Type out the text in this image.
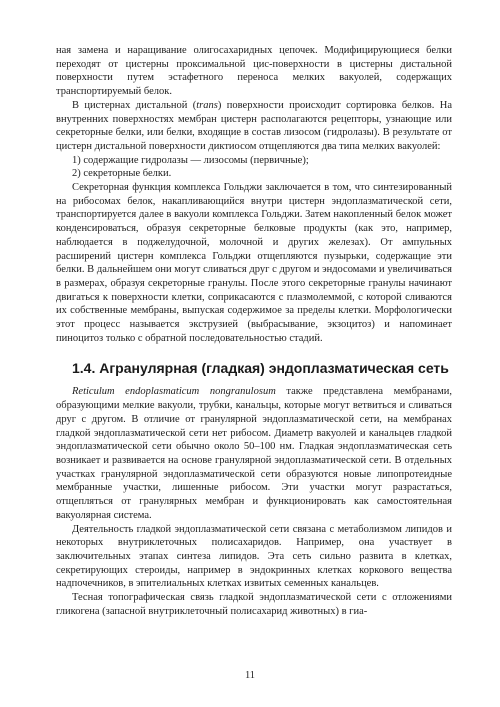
ная замена и наращивание олигосахаридных цепочек. Модифицирующиеся белки переходят от цистерны проксимальной цис-поверхности в цистерны дистальной поверхности путем эстафетного переноса мелких вакуолей, содержащих транспортируемый белок.

В цистернах дистальной (trans) поверхности происходит сортировка белков. На внутренних поверхностях мембран цистерн располагаются рецепторы, узнающие или секреторные белки, или белки, входящие в состав лизосом (гидролазы). В результате от цистерн дистальной поверхности диктиосом отщепляются два типа мелких вакуолей:

1) содержащие гидролазы — лизосомы (первичные);

2) секреторные белки.

Секреторная функция комплекса Гольджи заключается в том, что синтезированный на рибосомах белок, накапливающийся внутри цистерн эндоплазматической сети, транспортируется далее в вакуоли комплекса Гольджи. Затем накопленный белок может конденсироваться, образуя секреторные белковые продукты (как это, например, наблюдается в поджелудочной, молочной и других железах). От ампульных расширений цистерн комплекса Гольджи отщепляются пузырьки, содержащие эти белки. В дальнейшем они могут сливаться друг с другом и эндосомами и увеличиваться в размерах, образуя секреторные гранулы. После этого секреторные гранулы начинают двигаться к поверхности клетки, соприкасаются с плазмолеммой, с которой сливаются их собственные мембраны, выпуская содержимое за пределы клетки. Морфологически этот процесс называется экструзией (выбрасывание, экзоцитоз) и напоминает пиноцитоз только с обратной последовательностью стадий.

1.4. Агранулярная (гладкая) эндоплазматическая сеть

Reticulum endoplasmaticum nongranulosum также представлена мембранами, образующими мелкие вакуоли, трубки, канальцы, которые могут ветвиться и сливаться друг с другом. В отличие от гранулярной эндоплазматической сети, на мембранах гладкой эндоплазматической сети нет рибосом. Диаметр вакуолей и канальцев гладкой эндоплазматической сети обычно около 50–100 нм. Гладкая эндоплазматическая сеть возникает и развивается на основе гранулярной эндоплазматической сети. В отдельных участках гранулярной эндоплазматической сети образуются новые липопротеидные мембранные участки, лишенные рибосом. Эти участки могут разрастаться, отщепляться от гранулярных мембран и функционировать как самостоятельная вакуолярная система.

Деятельность гладкой эндоплазматической сети связана с метаболизмом липидов и некоторых внутриклеточных полисахаридов. Например, она участвует в заключительных этапах синтеза липидов. Эта сеть сильно развита в клетках, секретирующих стероиды, например в эндокринных клетках коркового вещества надпочечников, в эпителиальных клетках извитых семенных канальцев.

Тесная топографическая связь гладкой эндоплазматической сети с отложениями гликогена (запасной внутриклеточный полисахарид животных) в гиа-

11
